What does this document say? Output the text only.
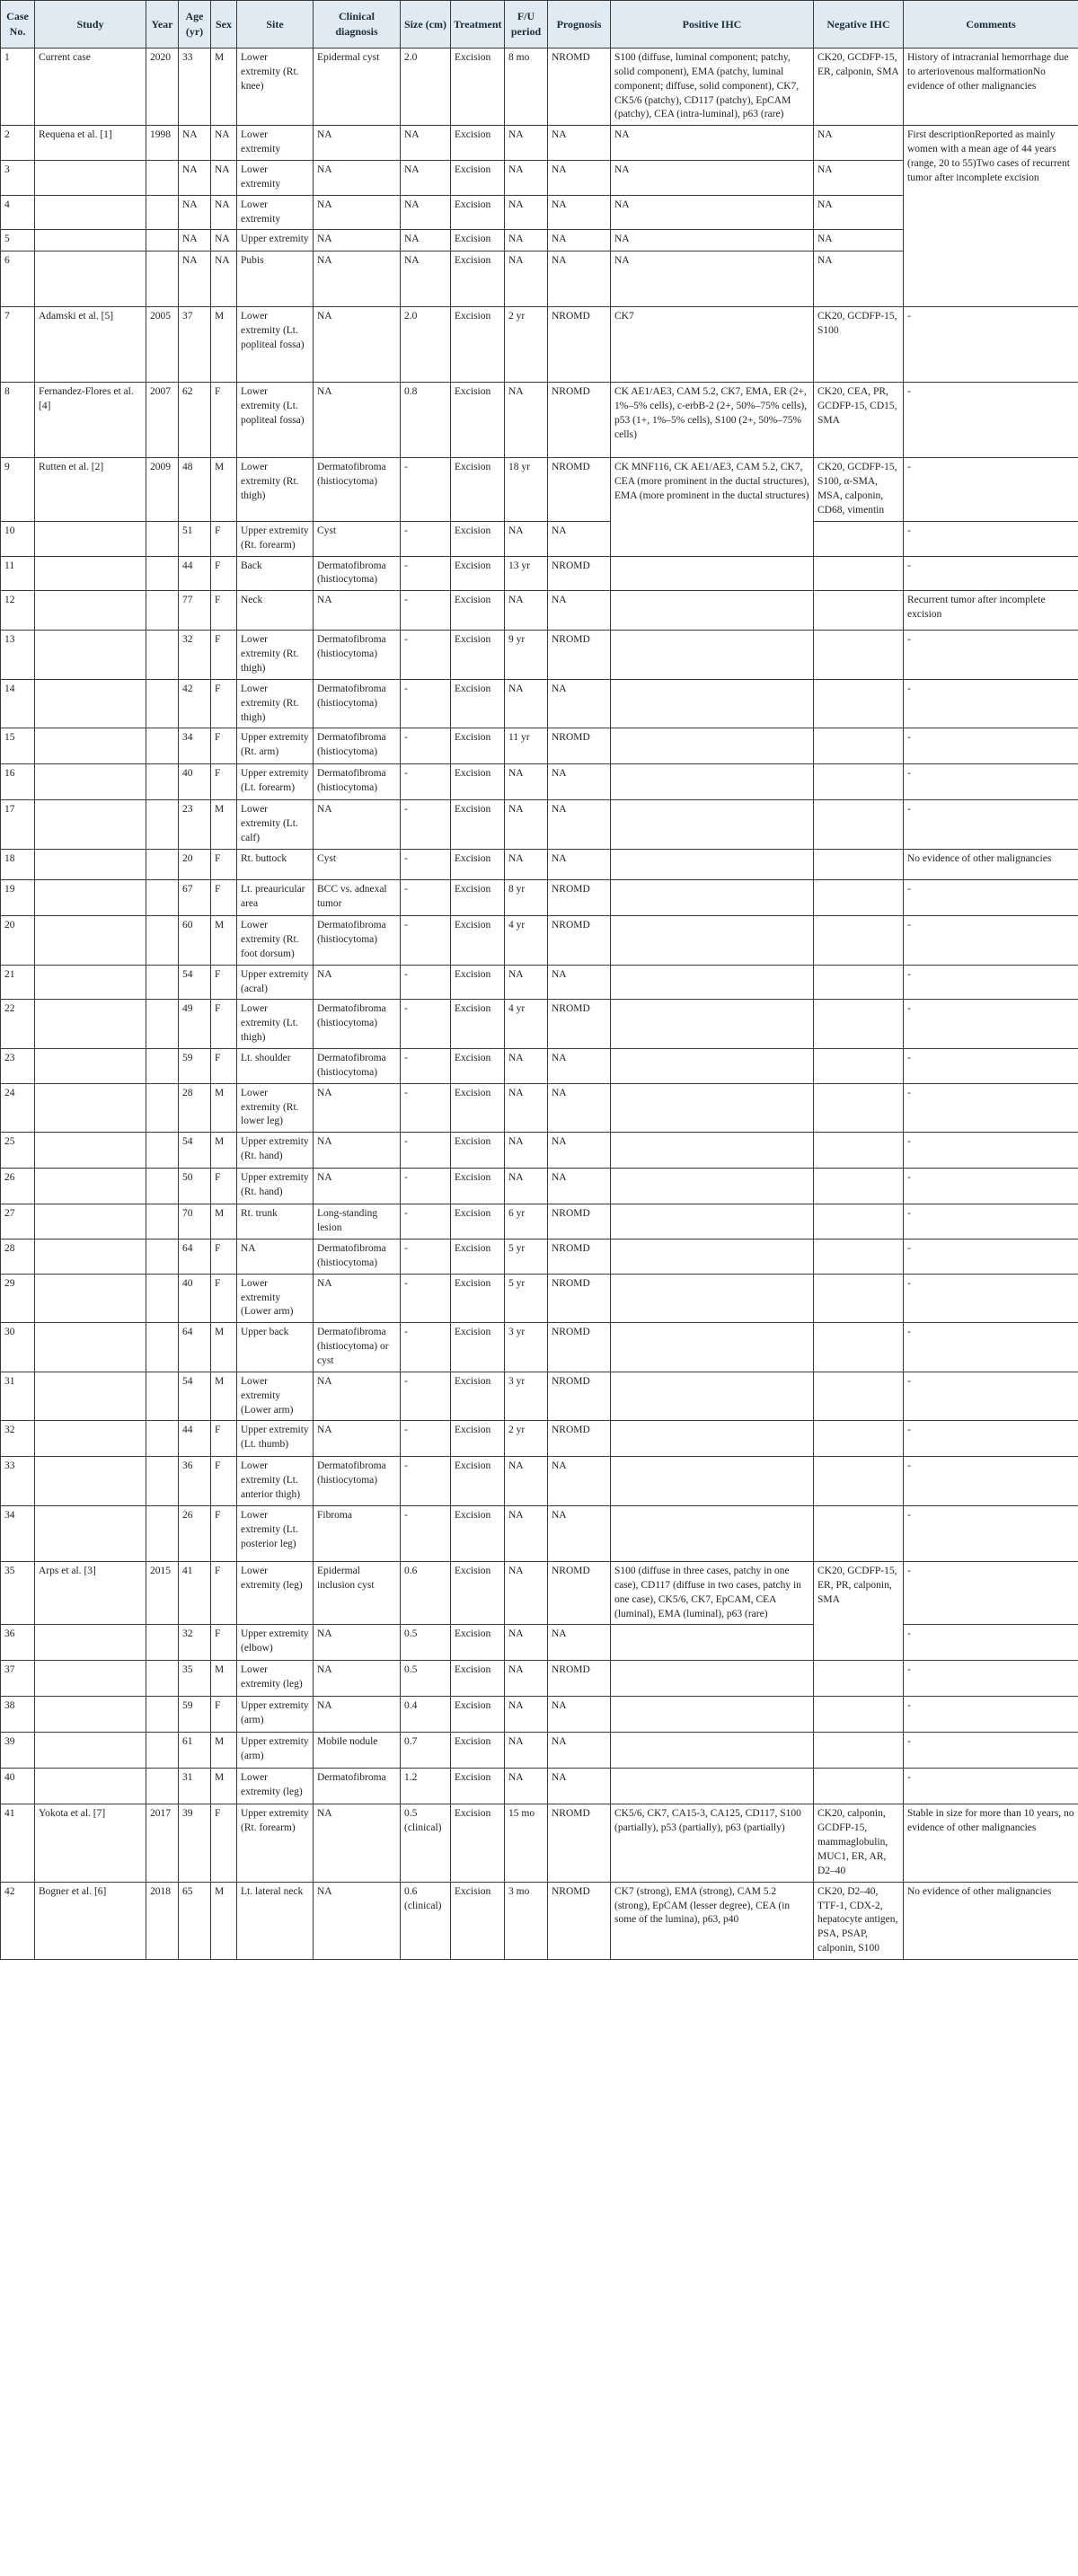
Case No.	Study	Year	Age (yr)	Sex	Site	Clinical diagnosis	Size (cm)	Treatment	F/U period	Prognosis	Positive IHC	Negative IHC	Comments
1	Current case	2020	33	M	Lower extremity (Rt. knee)	Epidermal cyst	2.0	Excision	8 mo	NROMD	S100 (diffuse, luminal component; patchy, solid component), EMA (patchy, luminal component; diffuse, solid component), CK7, CK5/6 (patchy), CD117 (patchy), EpCAM (patchy), CEA (intra-luminal), p63 (rare)	CK20, GCDFP-15, ER, calponin, SMA	History of intracranial hemorrhage due to arteriovenous malformationNo evidence of other malignancies
2	Requena et al. [1]	1998	NA	NA	Lower extremity	NA	NA	Excision	NA	NA	NA	NA	First descriptionReported as mainly women with a mean age of 44 years (range, 20 to 55)Two cases of recurrent tumor after incomplete excision
3			NA	NA	Lower extremity	NA	NA	Excision	NA	NA	NA	NA	
4			NA	NA	Lower extremity	NA	NA	Excision	NA	NA	NA	NA	
5			NA	NA	Upper extremity	NA	NA	Excision	NA	NA	NA	NA	
6			NA	NA	Pubis	NA	NA	Excision	NA	NA	NA	NA	
7	Adamski et al. [5]	2005	37	M	Lower extremity (Lt. popliteal fossa)	NA	2.0	Excision	2 yr	NROMD	CK7	CK20, GCDFP-15, S100	-
8	Fernandez-Flores et al. [4]	2007	62	F	Lower extremity (Lt. popliteal fossa)	NA	0.8	Excision	NA	NROMD	CK AE1/AE3, CAM 5.2, CK7, EMA, ER (2+, 1%–5% cells), c-erbB-2 (2+, 50%–75% cells), p53 (1+, 1%–5% cells), S100 (2+, 50%–75% cells)	CK20, CEA, PR, GCDFP-15, CD15, SMA	-
9	Rutten et al. [2]	2009	48	M	Lower extremity (Rt. thigh)	Dermatofibroma (histiocytoma)	-	Excision	18 yr	NROMD	CK MNF116, CK AE1/AE3, CAM 5.2, CK7, CEA (more prominent in the ductal structures), EMA (more prominent in the ductal structures)	CK20, GCDFP-15, S100, α-SMA, MSA, calponin, CD68, vimentin	-
10			51	F	Upper extremity (Rt. forearm)	Cyst	-	Excision	NA	NA			-
11			44	F	Back	Dermatofibroma (histiocytoma)	-	Excision	13 yr	NROMD			-
12			77	F	Neck	NA	-	Excision	NA	NA			Recurrent tumor after incomplete excision
13			32	F	Lower extremity (Rt. thigh)	Dermatofibroma (histiocytoma)	-	Excision	9 yr	NROMD			-
14			42	F	Lower extremity (Rt. thigh)	Dermatofibroma (histiocytoma)	-	Excision	NA	NA			-
15			34	F	Upper extremity (Rt. arm)	Dermatofibroma (histiocytoma)	-	Excision	11 yr	NROMD			-
16			40	F	Upper extremity (Lt. forearm)	Dermatofibroma (histiocytoma)	-	Excision	NA	NA			-
17			23	M	Lower extremity (Lt. calf)	NA	-	Excision	NA	NA			-
18			20	F	Rt. buttock	Cyst	-	Excision	NA	NA			No evidence of other malignancies
19			67	F	Lt. preauricular area	BCC vs. adnexal tumor	-	Excision	8 yr	NROMD			-
20			60	M	Lower extremity (Rt. foot dorsum)	Dermatofibroma (histiocytoma)	-	Excision	4 yr	NROMD			-
21			54	F	Upper extremity (acral)	NA	-	Excision	NA	NA			-
22			49	F	Lower extremity (Lt. thigh)	Dermatofibroma (histiocytoma)	-	Excision	4 yr	NROMD			-
23			59	F	Lt. shoulder	Dermatofibroma (histiocytoma)	-	Excision	NA	NA			-
24			28	M	Lower extremity (Rt. lower leg)	NA	-	Excision	NA	NA			-
25			54	M	Upper extremity (Rt. hand)	NA	-	Excision	NA	NA			-
26			50	F	Upper extremity (Rt. hand)	NA	-	Excision	NA	NA			-
27			70	M	Rt. trunk	Long-standing lesion	-	Excision	6 yr	NROMD			-
28			64	F	NA	Dermatofibroma (histiocytoma)	-	Excision	5 yr	NROMD			-
29			40	F	Lower extremity (Lower arm)	NA	-	Excision	5 yr	NROMD			-
30			64	M	Upper back	Dermatofibroma (histiocytoma) or cyst	-	Excision	3 yr	NROMD			-
31			54	M	Lower extremity (Lower arm)	NA	-	Excision	3 yr	NROMD			-
32			44	F	Upper extremity (Lt. thumb)	NA	-	Excision	2 yr	NROMD			-
33			36	F	Lower extremity (Lt. anterior thigh)	Dermatofibroma (histiocytoma)	-	Excision	NA	NA			-
34			26	F	Lower extremity (Lt. posterior leg)	Fibroma	-	Excision	NA	NA			-
35	Arps et al. [3]	2015	41	F	Lower extremity (leg)	Epidermal inclusion cyst	0.6	Excision	NA	NROMD	S100 (diffuse in three cases, patchy in one case), CD117 (diffuse in two cases, patchy in one case), CK5/6, CK7, EpCAM, CEA (luminal), EMA (luminal), p63 (rare)	CK20, GCDFP-15, ER, PR, calponin, SMA	-
36			32	F	Upper extremity (elbow)	NA	0.5	Excision	NA	NA			-
37			35	M	Lower extremity (leg)	NA	0.5	Excision	NA	NROMD			-
38			59	F	Upper extremity (arm)	NA	0.4	Excision	NA	NA			-
39			61	M	Upper extremity (arm)	Mobile nodule	0.7	Excision	NA	NA			-
40			31	M	Lower extremity (leg)	Dermatofibroma	1.2	Excision	NA	NA			-
41	Yokota et al. [7]	2017	39	F	Upper extremity (Rt. forearm)	NA	0.5 (clinical)	Excision	15 mo	NROMD	CK5/6, CK7, CA15-3, CA125, CD117, S100 (partially), p53 (partially), p63 (partially)	CK20, calponin, GCDFP-15, mammaglobulin, MUC1, ER, AR, D2–40	Stable in size for more than 10 years, no evidence of other malignancies
42	Bogner et al. [6]	2018	65	M	Lt. lateral neck	NA	0.6 (clinical)	Excision	3 mo	NROMD	CK7 (strong), EMA (strong), CAM 5.2 (strong), EpCAM (lesser degree), CEA (in some of the lumina), p63, p40	CK20, D2–40, TTF-1, CDX-2, hepatocyte antigen, PSA, PSAP, calponin, S100	No evidence of other malignancies
